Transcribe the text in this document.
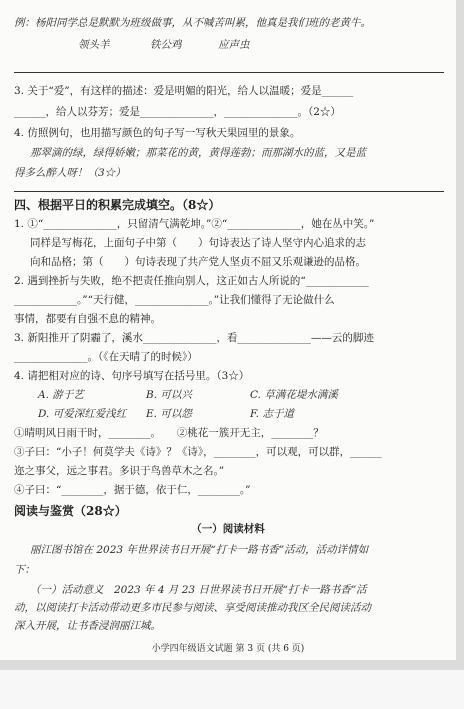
例：杨阳同学总是默默为班级做事，从不喊苦叫累，他真是我们班的老黄牛。
领头羊	铁公鸡	应声虫
3. 关于“爱”，有这样的描述：爱是明媚的阳光，给人以温暖；爱是______
______，给人以芬芳；爱是______________，______________。（2☆）
4. 仿照例句，也用描写颜色的句子写一写秋天果园里的景象。
那翠滴的绿，绿得娇嫩；那菜花的黄，黄得莲勃；而那湖水的蓝，又是蓝
得多么醉人呀！（3☆）
四、根据平日的积累完成填空。（8☆）
1. ①“______________，只留清气满乾坤。”②“______________，她在丛中笑。”
同样是写梅花，上面句子中第（　　）句诗表达了诗人坚守内心追求的志
向和品格；第（　　）句诗表现了共产党人坚贞不屈又乐观谦逊的品格。
2. 遇到挫折与失败，绝不把责任推向别人，这正如古人所说的“____________
____________。”“天行健，______________。”让我们懂得了无论做什么
事情，都要有自强不息的精神。
3. 新阳推开了阴霾了，溪水______________，看______________——云的脚迹
______________。（《在天晴了的时候》）
4. 请把相对应的诗、句序号填写在括号里。（3☆）
A. 游于艺	B. 可以兴	C. 草满花堤水满溪
D. 可爱深红爱浅红 E. 可以怨	F. 志于道
①晴明风日雨干时，________。　　②桃花一簇开无主，________？
③子曰：“小子！何莫学夫《诗》？《诗》，________，可以观，可以群，______
迩之事父，远之事君。多识于鸟兽草木之名。”
④子曰：“________，据于德，依于仁，________。”
阅读与鉴赏（28☆）
（一）阅读材料
丽江图书馆在 2023 年世界读书日开展“打卡一路书香”活动，活动详情如
下：
（一）活动意义　2023 年 4 月 23 日世界读书日开展“打卡一路书香”活
动，以阅读打卡活动带动更多市民参与阅读、享受阅读推动我区全民阅读活动
小学四年级语文试题 第 3 页 (共 6 页)
深入开展，让书香浸润丽江城。
